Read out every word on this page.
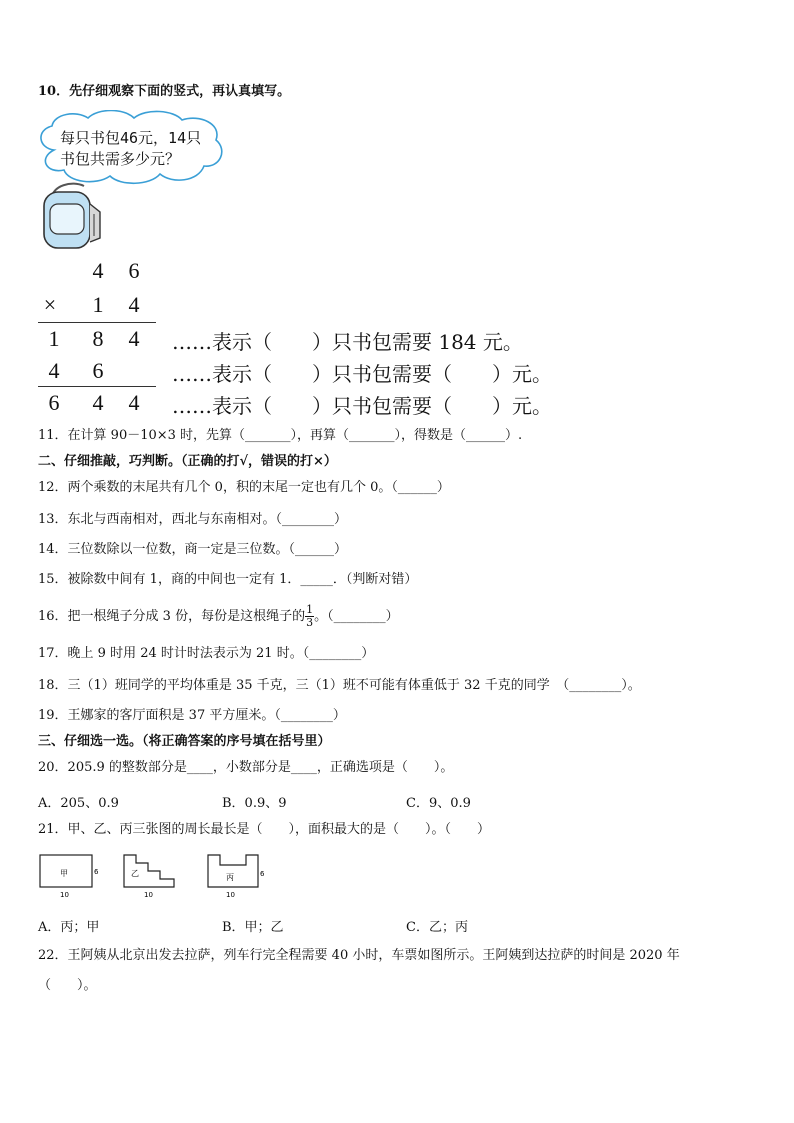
10．先仔细观察下面的竖式，再认真填写。
每只书包46元，14只
书包共需多少元？
4 6
× 1 4
1 8 4
4 6
6 4 4
……表示（　　）只书包需要 184 元。
……表示（　　）只书包需要（　　）元。
……表示（　　）只书包需要（　　）元。
11．在计算 90－10×3 时，先算（_______），再算（_______），得数是（______）.
二、仔细推敲，巧判断。（正确的打√，错误的打×）
12．两个乘数的末尾共有几个 0，积的末尾一定也有几个 0。（______）
13．东北与西南相对，西北与东南相对。（________）
14．三位数除以一位数，商一定是三位数。（______）
15．被除数中间有 1，商的中间也一定有 1．_____．（判断对错）
16．把一根绳子分成 3 份，每份是这根绳子的 $\frac{1}{3}$ 。（________）
17．晚上 9 时用 24 时计时法表示为 21 时。（________）
18．三（1）班同学的平均体重是 35 千克，三（1）班不可能有体重低于 32 千克的同学　（________）。
19．王娜家的客厅面积是 37 平方厘米。（________）
三、仔细选一选。（将正确答案的序号填在括号里）
20．205.9 的整数部分是____，小数部分是____，正确选项是（　　）。
A．205、0.9	B．0.9、9	C．9、0.9
21．甲、乙、丙三张图的周长最长是（　　），面积最大的是（　　）。（　　）
甲	6
10
乙
10
丙	6
10
A．丙；甲	B．甲；乙	C．乙；丙
22．王阿姨从北京出发去拉萨，列车行完全程需要 40 小时，车票如图所示。王阿姨到达拉萨的时间是 2020 年
（　　）。
